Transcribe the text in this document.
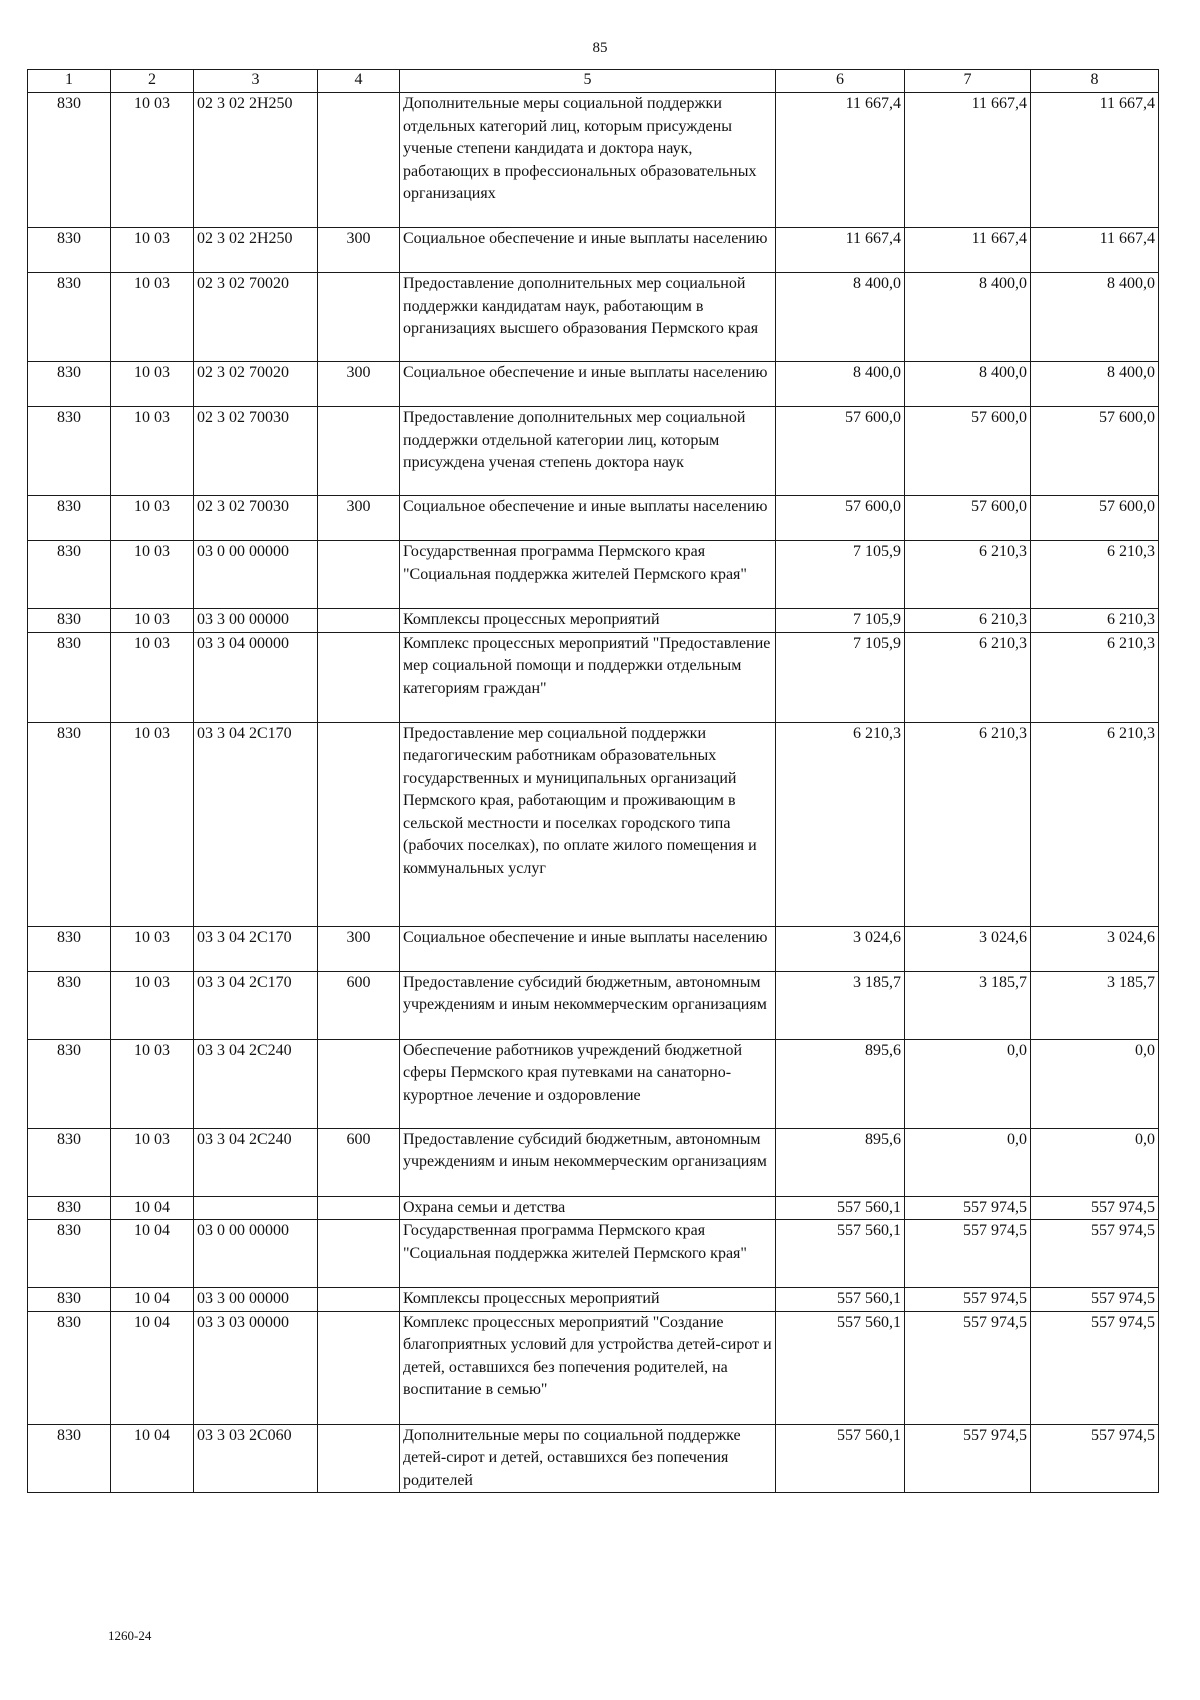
85
1	2	3	4	5	6	7	8
830	10 03	02 3 02 2Н250		Дополнительные меры социальной поддержки отдельных категорий лиц, которым присуждены ученые степени кандидата и доктора наук, работающих в профессиональных образовательных организациях	11 667,4	11 667,4	11 667,4
830	10 03	02 3 02 2Н250	300	Социальное обеспечение и иные выплаты населению	11 667,4	11 667,4	11 667,4
830	10 03	02 3 02 70020		Предоставление дополнительных мер социальной поддержки кандидатам наук, работающим в организациях высшего образования Пермского края	8 400,0	8 400,0	8 400,0
830	10 03	02 3 02 70020	300	Социальное обеспечение и иные выплаты населению	8 400,0	8 400,0	8 400,0
830	10 03	02 3 02 70030		Предоставление дополнительных мер социальной поддержки отдельной категории лиц, которым присуждена ученая степень доктора наук	57 600,0	57 600,0	57 600,0
830	10 03	02 3 02 70030	300	Социальное обеспечение и иные выплаты населению	57 600,0	57 600,0	57 600,0
830	10 03	03 0 00 00000		Государственная программа Пермского края "Социальная поддержка жителей Пермского края"	7 105,9	6 210,3	6 210,3
830	10 03	03 3 00 00000		Комплексы процессных мероприятий	7 105,9	6 210,3	6 210,3
830	10 03	03 3 04 00000		Комплекс процессных мероприятий "Предоставление мер социальной помощи и поддержки отдельным категориям граждан"	7 105,9	6 210,3	6 210,3
830	10 03	03 3 04 2С170		Предоставление мер социальной поддержки педагогическим работникам образовательных государственных и муниципальных организаций Пермского края, работающим и проживающим в сельской местности и поселках городского типа (рабочих поселках), по оплате жилого помещения и коммунальных услуг	6 210,3	6 210,3	6 210,3
830	10 03	03 3 04 2С170	300	Социальное обеспечение и иные выплаты населению	3 024,6	3 024,6	3 024,6
830	10 03	03 3 04 2С170	600	Предоставление субсидий бюджетным, автономным учреждениям и иным некоммерческим организациям	3 185,7	3 185,7	3 185,7
830	10 03	03 3 04 2С240		Обеспечение работников учреждений бюджетной сферы Пермского края путевками на санаторно-курортное лечение и оздоровление	895,6	0,0	0,0
830	10 03	03 3 04 2С240	600	Предоставление субсидий бюджетным, автономным учреждениям и иным некоммерческим организациям	895,6	0,0	0,0
830	10 04			Охрана семьи и детства	557 560,1	557 974,5	557 974,5
830	10 04	03 0 00 00000		Государственная программа Пермского края "Социальная поддержка жителей Пермского края"	557 560,1	557 974,5	557 974,5
830	10 04	03 3 00 00000		Комплексы процессных мероприятий	557 560,1	557 974,5	557 974,5
830	10 04	03 3 03 00000		Комплекс процессных мероприятий "Создание благоприятных условий для устройства детей-сирот и детей, оставшихся без попечения родителей, на воспитание в семью"	557 560,1	557 974,5	557 974,5
830	10 04	03 3 03 2С060		Дополнительные меры по социальной поддержке детей-сирот и детей, оставшихся без попечения родителей	557 560,1	557 974,5	557 974,5
1260-24
